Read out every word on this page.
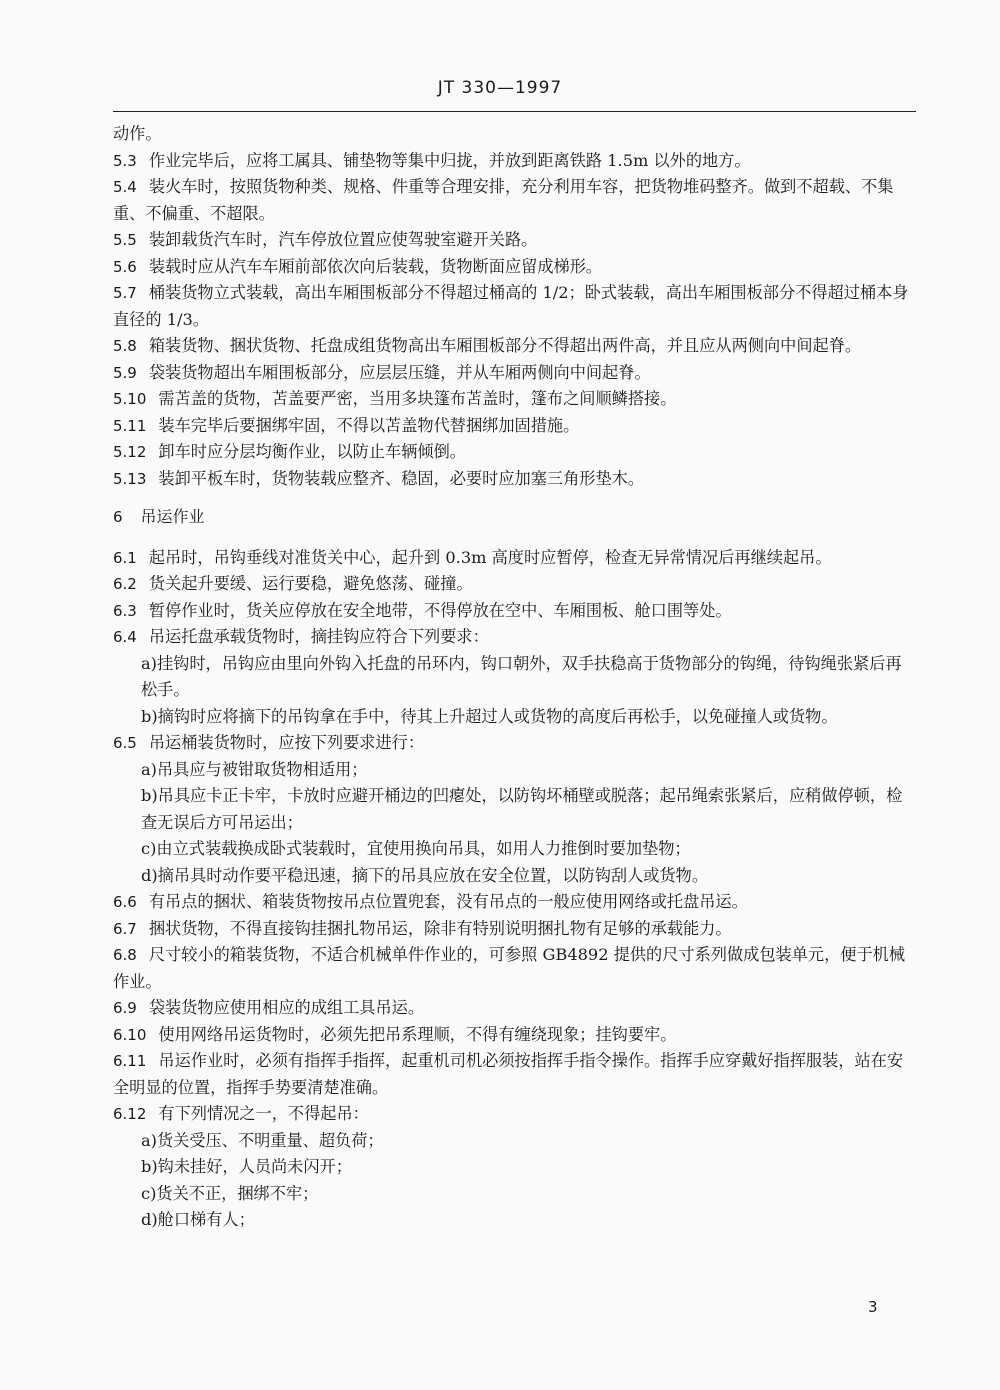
JT 330—1997

动作。

5.3 作业完毕后，应将工属具、铺垫物等集中归拢，并放到距离铁路 1.5m 以外的地方。

5.4 装火车时，按照货物种类、规格、件重等合理安排，充分利用车容，把货物堆码整齐。做到不超载、不集重、不偏重、不超限。

5.5 装卸载货汽车时，汽车停放位置应使驾驶室避开关路。

5.6 装载时应从汽车车厢前部依次向后装载，货物断面应留成梯形。

5.7 桶装货物立式装载，高出车厢围板部分不得超过桶高的 1/2；卧式装载，高出车厢围板部分不得超过桶本身直径的 1/3。

5.8 箱装货物、捆状货物、托盘成组货物高出车厢围板部分不得超出两件高，并且应从两侧向中间起脊。

5.9 袋装货物超出车厢围板部分，应层层压缝，并从车厢两侧向中间起脊。

5.10 需苫盖的货物，苫盖要严密，当用多块篷布苫盖时，篷布之间顺鳞搭接。

5.11 装车完毕后要捆绑牢固，不得以苫盖物代替捆绑加固措施。

5.12 卸车时应分层均衡作业，以防止车辆倾倒。

5.13 装卸平板车时，货物装载应整齐、稳固，必要时应加塞三角形垫木。

6 吊运作业

6.1 起吊时，吊钩垂线对准货关中心，起升到 0.3m 高度时应暂停，检查无异常情况后再继续起吊。

6.2 货关起升要缓、运行要稳，避免悠荡、碰撞。

6.3 暂停作业时，货关应停放在安全地带，不得停放在空中、车厢围板、舱口围等处。

6.4 吊运托盘承载货物时，摘挂钩应符合下列要求：

a)挂钩时，吊钩应由里向外钩入托盘的吊环内，钩口朝外，双手扶稳高于货物部分的钩绳，待钩绳张紧后再松手。

b)摘钩时应将摘下的吊钩拿在手中，待其上升超过人或货物的高度后再松手，以免碰撞人或货物。

6.5 吊运桶装货物时，应按下列要求进行：

a)吊具应与被钳取货物相适用；

b)吊具应卡正卡牢，卡放时应避开桶边的凹瘪处，以防钩坏桶壁或脱落；起吊绳索张紧后，应稍做停顿，检查无误后方可吊运出；

c)由立式装载换成卧式装载时，宜使用换向吊具，如用人力推倒时要加垫物；

d)摘吊具时动作要平稳迅速，摘下的吊具应放在安全位置，以防钩刮人或货物。

6.6 有吊点的捆状、箱装货物按吊点位置兜套，没有吊点的一般应使用网络或托盘吊运。

6.7 捆状货物，不得直接钩挂捆扎物吊运，除非有特别说明捆扎物有足够的承载能力。

6.8 尺寸较小的箱装货物，不适合机械单件作业的，可参照 GB4892 提供的尺寸系列做成包装单元，便于机械作业。

6.9 袋装货物应使用相应的成组工具吊运。

6.10 使用网络吊运货物时，必须先把吊系理顺，不得有缠绕现象；挂钩要牢。

6.11 吊运作业时，必须有指挥手指挥，起重机司机必须按指挥手指令操作。指挥手应穿戴好指挥服装，站在安全明显的位置，指挥手势要清楚准确。

6.12 有下列情况之一，不得起吊：

a)货关受压、不明重量、超负荷；

b)钩未挂好，人员尚未闪开；

c)货关不正，捆绑不牢；

d)舱口梯有人；

3
